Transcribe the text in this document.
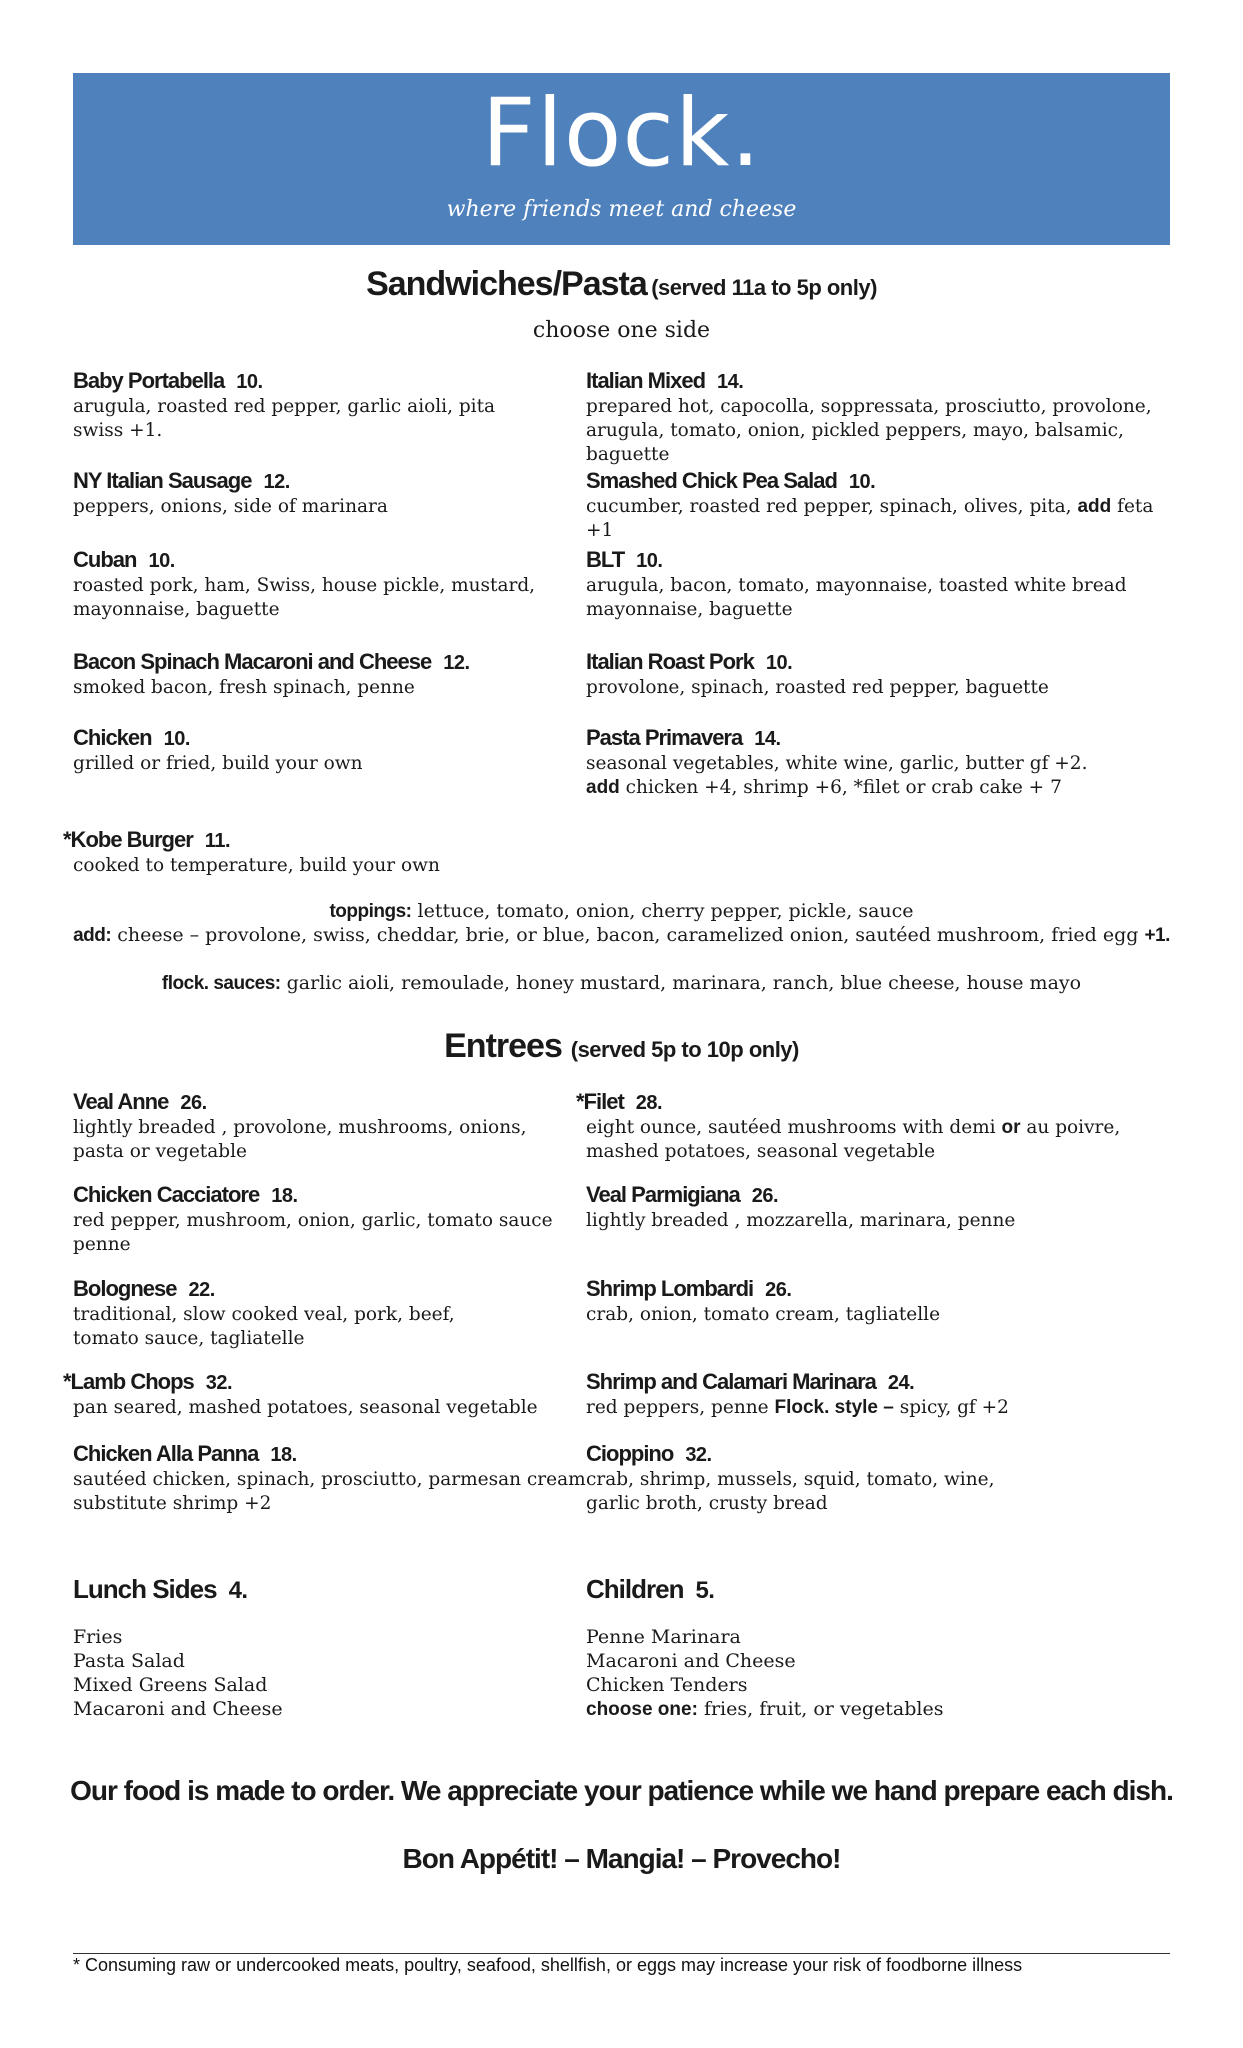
Flock.
where friends meet and cheese
Sandwiches/Pasta (served 11a to 5p only)
choose one side
Baby Portabella 10.
arugula, roasted red pepper, garlic aioli, pita
swiss +1.
Italian Mixed 14.
prepared hot, capocolla, soppressata, prosciutto, provolone,
arugula, tomato, onion, pickled peppers, mayo, balsamic, baguette
NY Italian Sausage 12.
peppers, onions, side of marinara
Smashed Chick Pea Salad 10.
cucumber, roasted red pepper, spinach, olives, pita, add feta +1
Cuban 10.
roasted pork, ham, Swiss, house pickle, mustard,
mayonnaise, baguette
BLT 10.
arugula, bacon, tomato, mayonnaise, toasted white bread
mayonnaise, baguette
Bacon Spinach Macaroni and Cheese 12.
smoked bacon, fresh spinach, penne
Italian Roast Pork 10.
provolone, spinach, roasted red pepper, baguette
Chicken 10.
grilled or fried, build your own
Pasta Primavera 14.
seasonal vegetables, white wine, garlic, butter gf +2.
add chicken +4, shrimp +6, *filet or crab cake + 7
*Kobe Burger 11.
cooked to temperature, build your own
toppings: lettuce, tomato, onion, cherry pepper, pickle, sauce
add: cheese – provolone, swiss, cheddar, brie, or blue, bacon, caramelized onion, sautéed mushroom, fried egg +1.
flock. sauces: garlic aioli, remoulade, honey mustard, marinara, ranch, blue cheese, house mayo
Entrees (served 5p to 10p only)
Veal Anne 26.
lightly breaded , provolone, mushrooms, onions,
pasta or vegetable
*Filet 28.
eight ounce, sautéed mushrooms with demi or au poivre,
mashed potatoes, seasonal vegetable
Chicken Cacciatore 18.
red pepper, mushroom, onion, garlic, tomato sauce
penne
Veal Parmigiana 26.
lightly breaded , mozzarella, marinara, penne
Bolognese 22.
traditional, slow cooked veal, pork, beef,
tomato sauce, tagliatelle
Shrimp Lombardi 26.
crab, onion, tomato cream, tagliatelle
*Lamb Chops 32.
pan seared, mashed potatoes, seasonal vegetable
Shrimp and Calamari Marinara 24.
red peppers, penne Flock. style – spicy, gf +2
Chicken Alla Panna 18.
sautéed chicken, spinach, prosciutto, parmesan cream
substitute shrimp +2
Cioppino 32.
crab, shrimp, mussels, squid, tomato, wine,
garlic broth, crusty bread
Lunch Sides 4.
Fries
Pasta Salad
Mixed Greens Salad
Macaroni and Cheese
Children 5.
Penne Marinara
Macaroni and Cheese
Chicken Tenders
choose one: fries, fruit, or vegetables
Our food is made to order. We appreciate your patience while we hand prepare each dish.
Bon Appétit! – Mangia! – Provecho!
* Consuming raw or undercooked meats, poultry, seafood, shellfish, or eggs may increase your risk of foodborne illness
